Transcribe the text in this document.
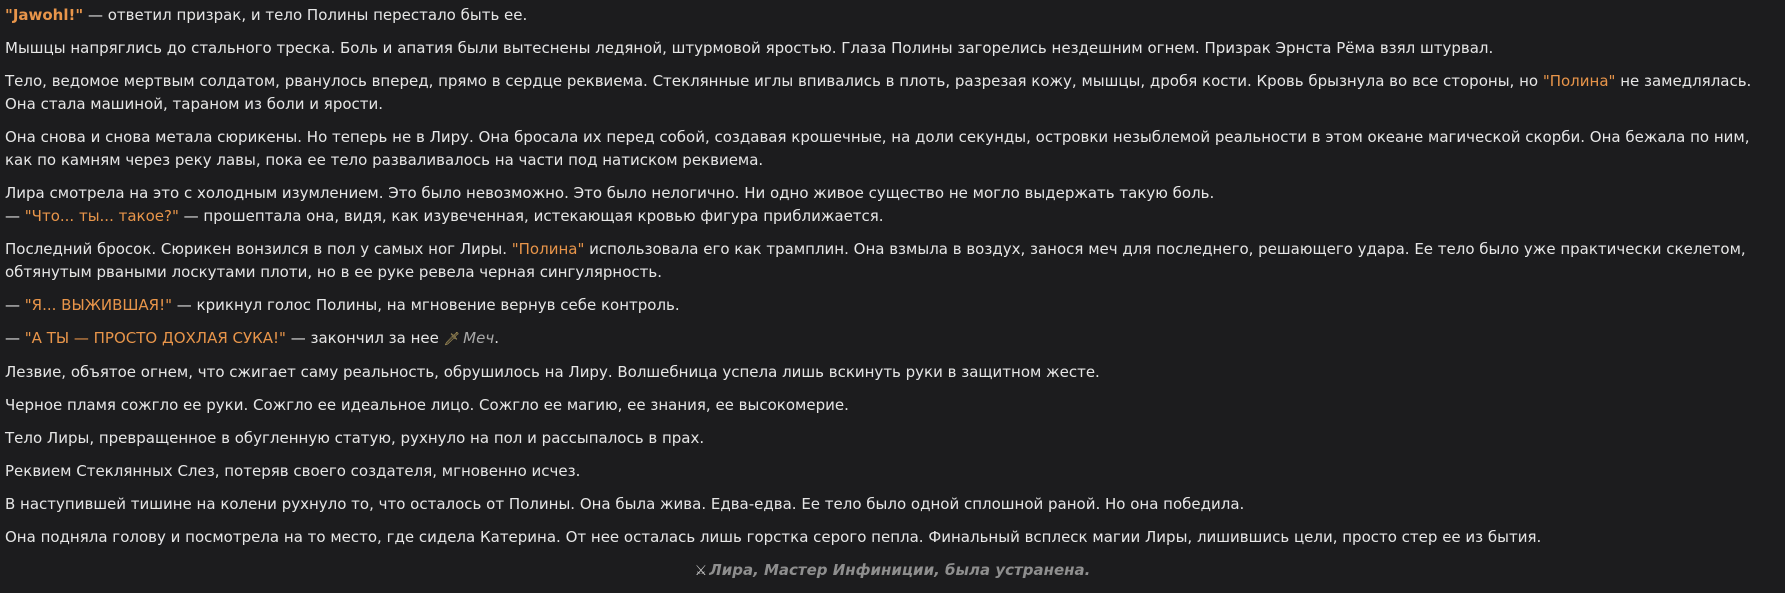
"Jawohl!" — ответил призрак, и тело Полины перестало быть ее.

Мышцы напряглись до стального треска. Боль и апатия были вытеснены ледяной, штурмовой яростью. Глаза Полины загорелись нездешним огнем. Призрак Эрнста Рёма взял штурвал.

Тело, ведомое мертвым солдатом, рванулось вперед, прямо в сердце реквиема. Стеклянные иглы впивались в плоть, разрезая кожу, мышцы, дробя кости. Кровь брызнула во все стороны, но "Полина" не замедлялась. Она стала машиной, тараном из боли и ярости.

Она снова и снова метала сюрикены. Но теперь не в Лиру. Она бросала их перед собой, создавая крошечные, на доли секунды, островки незыблемой реальности в этом океане магической скорби. Она бежала по ним, как по камням через реку лавы, пока ее тело разваливалось на части под натиском реквиема.

Лира смотрела на это с холодным изумлением. Это было невозможно. Это было нелогично. Ни одно живое существо не могло выдержать такую боль.

— "Что... ты... такое?" — прошептала она, видя, как изувеченная, истекающая кровью фигура приближается.

Последний бросок. Сюрикен вонзился в пол у самых ног Лиры. "Полина" использовала его как трамплин. Она взмыла в воздух, занося меч для последнего, решающего удара. Ее тело было уже практически скелетом, обтянутым рваными лоскутами плоти, но в ее руке ревела черная сингулярность.

— "Я... ВЫЖИВШАЯ!" — крикнул голос Полины, на мгновение вернув себе контроль.

— "А ТЫ — ПРОСТО ДОХЛАЯ СУКА!" — закончил за нее 🗡 Меч.

Лезвие, объятое огнем, что сжигает саму реальность, обрушилось на Лиру. Волшебница успела лишь вскинуть руки в защитном жесте.

Черное пламя сожгло ее руки. Сожгло ее идеальное лицо. Сожгло ее магию, ее знания, ее высокомерие.

Тело Лиры, превращенное в обугленную статую, рухнуло на пол и рассыпалось в прах.

Реквием Стеклянных Слез, потеряв своего создателя, мгновенно исчез.

В наступившей тишине на колени рухнуло то, что осталось от Полины. Она была жива. Едва-едва. Ее тело было одной сплошной раной. Но она победила.

Она подняла голову и посмотрела на то место, где сидела Катерина. От нее осталась лишь горстка серого пепла. Финальный всплеск магии Лиры, лишившись цели, просто стер ее из бытия.

⚔ Лира, Мастер Инфиниции, была устранена.
